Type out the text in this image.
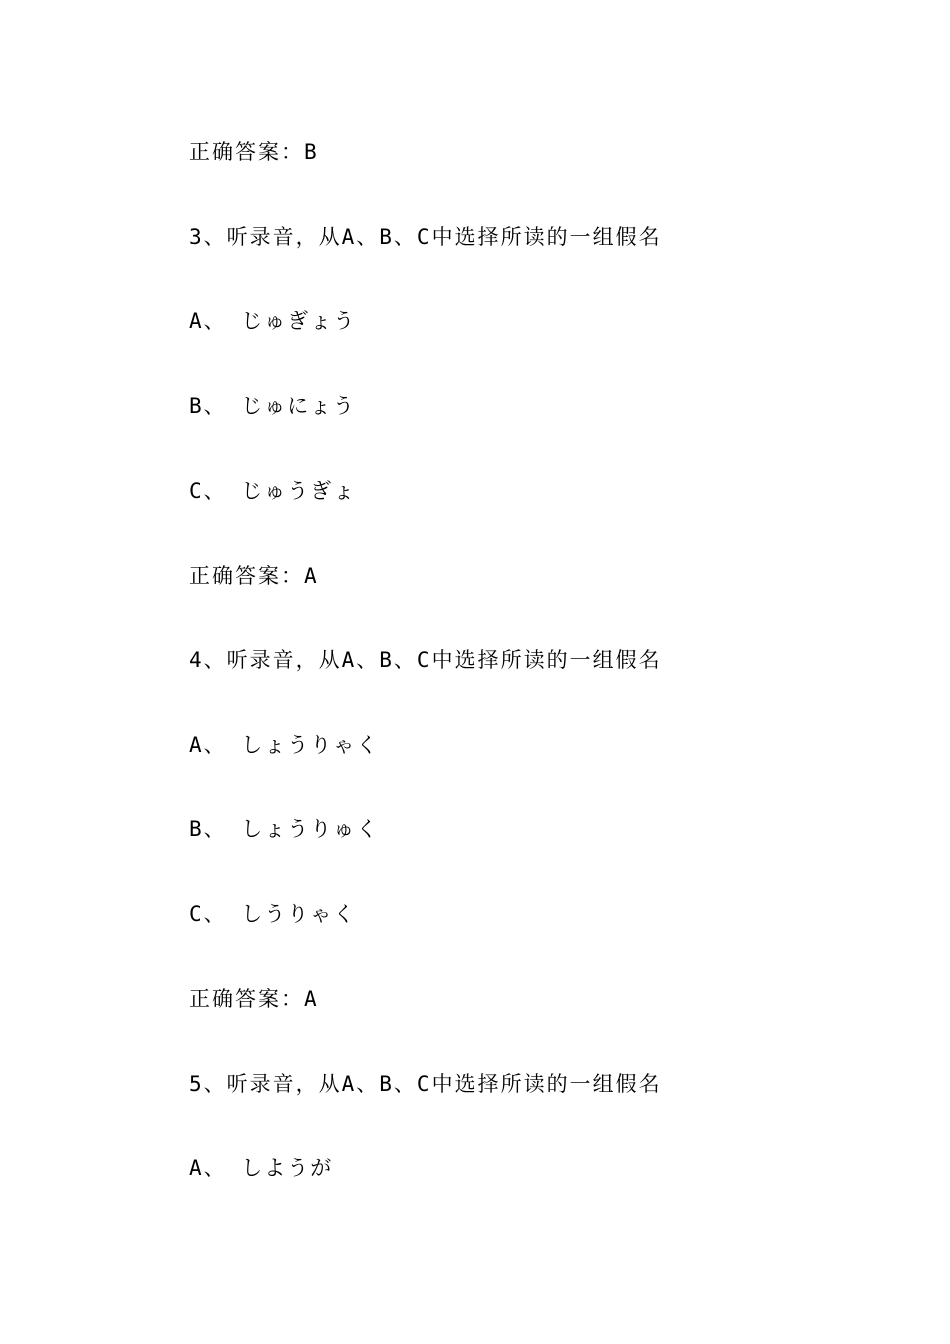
正确答案：B
3、听录音，从A、B、C中选择所读的一组假名
A、 じゅぎょう
B、 じゅにょう
C、 じゅうぎょ
正确答案：A
4、听录音，从A、B、C中选择所读的一组假名
A、 しょうりゃく
B、 しょうりゅく
C、 しうりゃく
正确答案：A
5、听录音，从A、B、C中选择所读的一组假名
A、 しようが
